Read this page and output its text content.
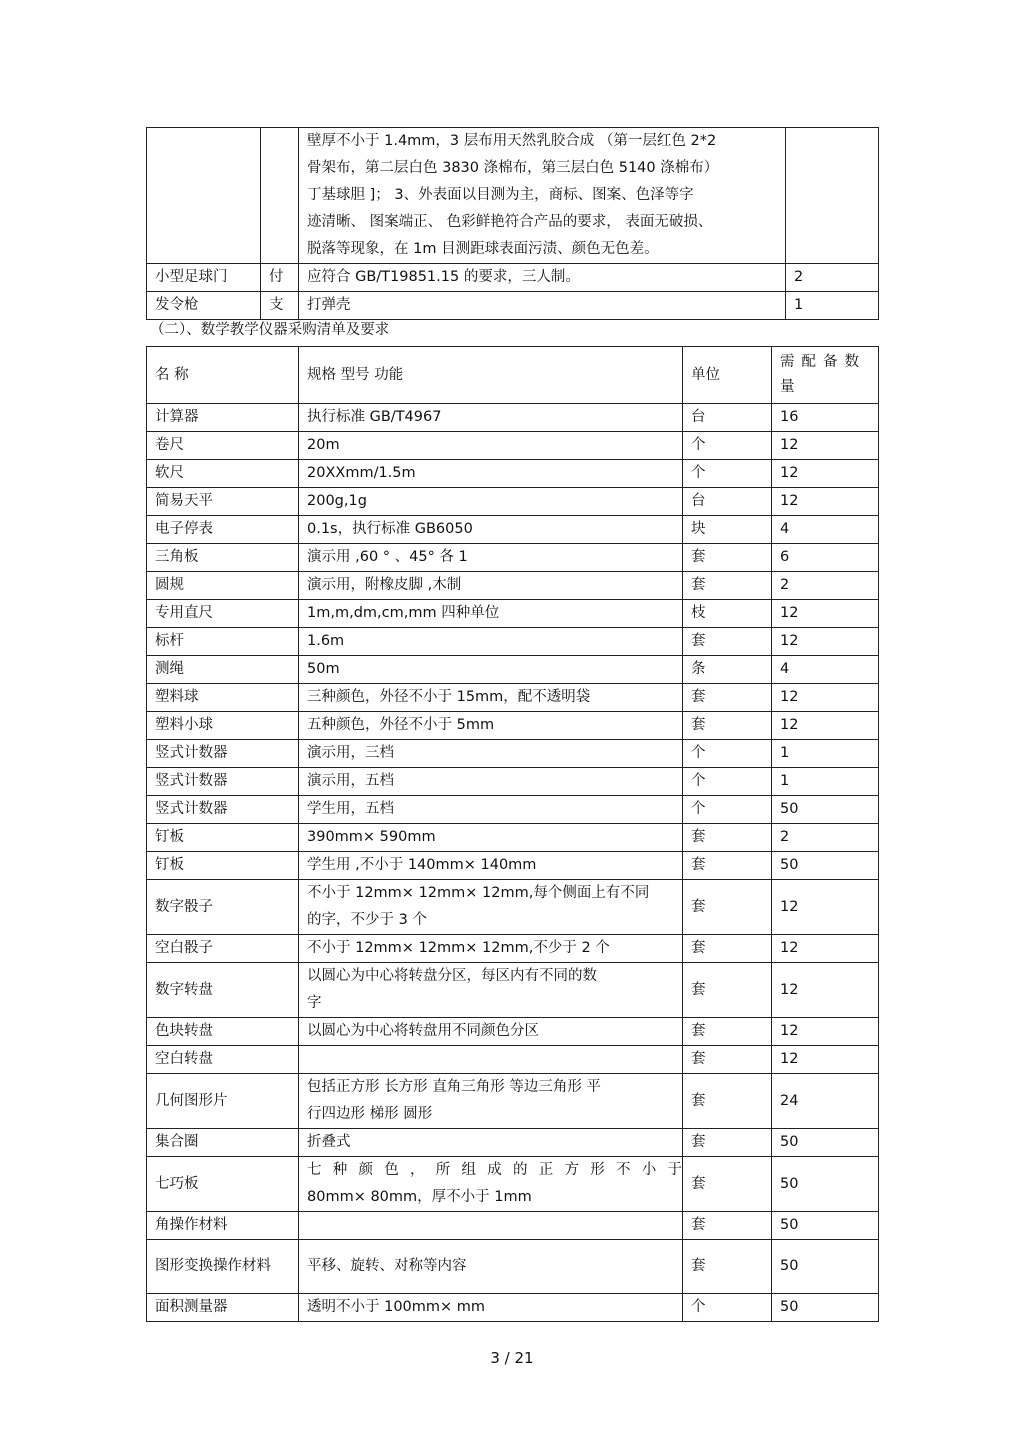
		壁厚不小于 1.4mm，3 层布用天然乳胶合成 （第一层红色 2*2
骨架布，第二层白色 3830 涤棉布，第三层白色 5140 涤棉布）
丁基球胆 ]； 3、外表面以目测为主，商标、图案、色泽等字
迹清晰、 图案端正、 色彩鲜艳符合产品的要求， 表面无破损、
脱落等现象，在 1m 目测距球表面污渍、颜色无色差。	

小型足球门	付	应符合 GB/T19851.15 的要求，三人制。	2
发令枪	支	打弹壳	1
（二）、数学教学仪器采购清单及要求
名 称	规格 型号 功能	单位	需配备数量
计算器	执行标准 GB/T4967	台	16
卷尺	20m	个	12
软尺	20XXmm/1.5m	个	12
简易天平	200g,1g	台	12
电子停表	0.1s，执行标准 GB6050	块	4
三角板	演示用 ,60 ° 、45° 各 1	套	6
圆规	演示用，附橡皮脚 ,木制	套	2
专用直尺	1m,m,dm,cm,mm 四种单位	枝	12
标杆	1.6m	套	12
测绳	50m	条	4
塑料球	三种颜色，外径不小于 15mm，配不透明袋	套	12
塑料小球	五种颜色，外径不小于 5mm	套	12
竖式计数器	演示用，三档	个	1
竖式计数器	演示用，五档	个	1
竖式计数器	学生用，五档	个	50
钉板	390mm× 590mm	套	2
钉板	学生用 ,不小于 140mm× 140mm	套	50
数字骰子	不小于 12mm× 12mm× 12mm,每个侧面上有不同
的字，不少于 3 个	套	12
空白骰子	不小于 12mm× 12mm× 12mm,不少于 2 个	套	12
数字转盘	以圆心为中心将转盘分区，每区内有不同的数
字	套	12
色块转盘	以圆心为中心将转盘用不同颜色分区	套	12
空白转盘		套	12
几何图形片	包括正方形 长方形 直角三角形 等边三角形 平
行四边形 梯形 圆形	套	24
集合圈	折叠式	套	50
七巧板	七种颜色，所组成的正方形不小于
80mm× 80mm，厚不小于 1mm	套	50
角操作材料		套	50
图形变换操作材料	平移、旋转、对称等内容	套	50
面积测量器	透明不小于 100mm× mm	个	50
3 / 21
